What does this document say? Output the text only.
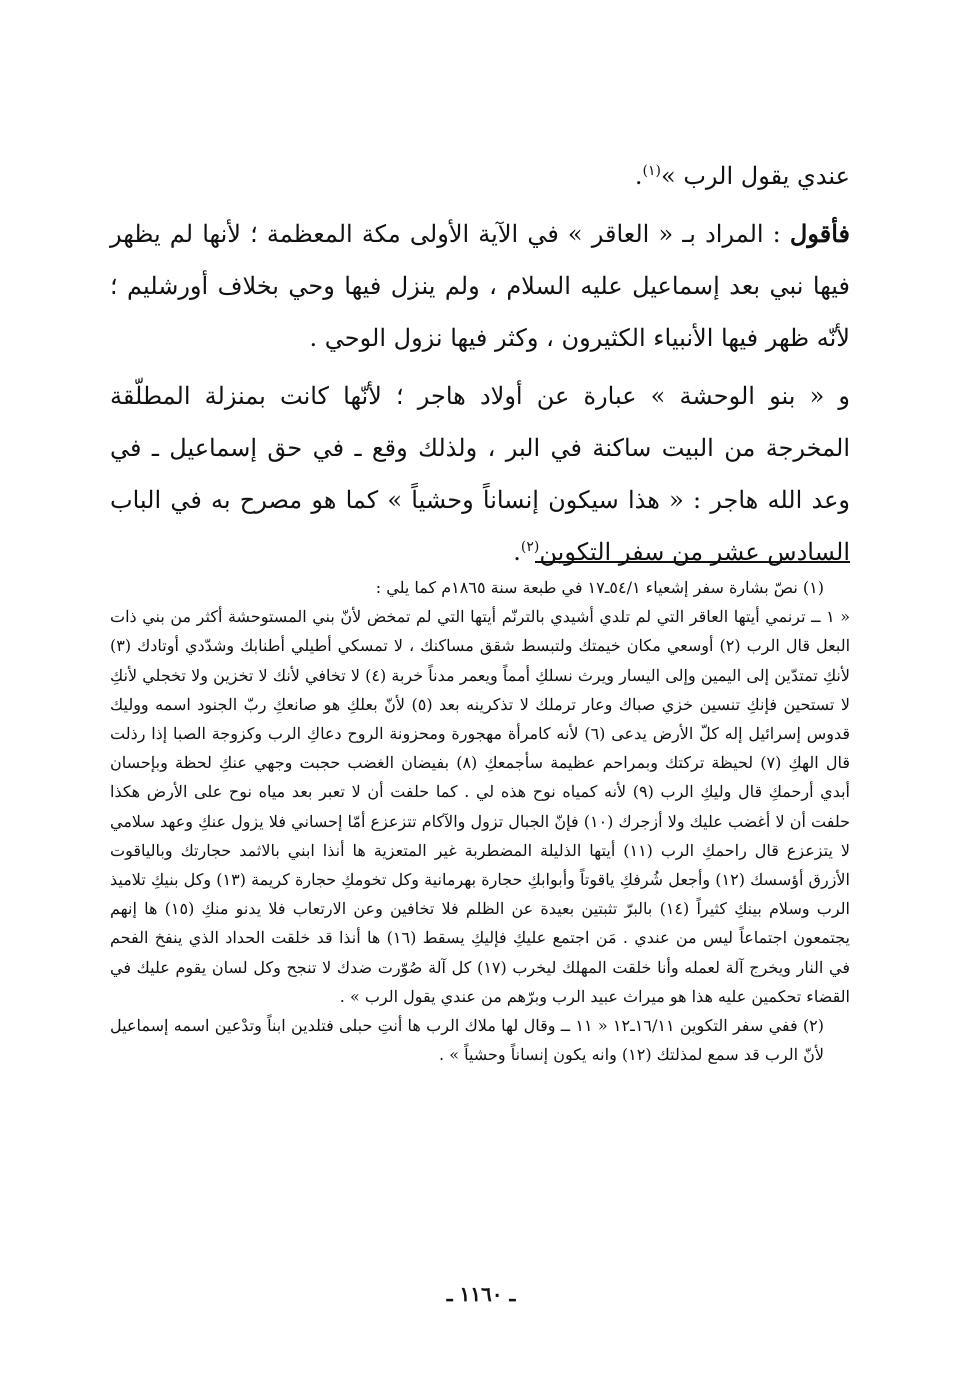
عندي يقول الرب »$^{(١)}$.

فأقول : المراد بـ « العاقر » في الآية الأولى مكة المعظمة ؛ لأنها لم يظهر فيها نبي بعد إسماعيل عليه السلام ، ولم ينزل فيها وحي بخلاف أورشليم ؛ لأنّه ظهر فيها الأنبياء الكثيرون ، وكثر فيها نزول الوحي .

و « بنو الوحشة » عبارة عن أولاد هاجر ؛ لأنّها كانت بمنزلة المطلّقة المخرجة من البيت ساكنة في البر ، ولذلك وقع ـ في حق إسماعيل ـ في وعد الله هاجر : « هذا سيكون إنساناً وحشياً » كما هو مصرح به في الباب السادس عشر من سفر التكوين$^{(٢)}$.

(١) نصّ بشارة سفر إشعياء ٥٤/١ـ١٧ في طبعة سنة ١٨٦٥م كما يلي :

« ١ ــ ترنمي أيتها العاقر التي لم تلدي أشيدي بالترنّم أيتها التي لم تمخض لأنّ بني المستوحشة أكثر من بني ذات البعل قال الرب (٢) أوسعي مكان خيمتك ولتبسط شقق مساكنك ، لا تمسكي أطيلي أطنابك وشدّدي أوتادك (٣) لأنكِ تمتدّين إلى اليمين وإلى اليسار ويرث نسلكِ أمماً ويعمر مدناً خربة (٤) لا تخافي لأنك لا تخزين ولا تخجلي لأنكِ لا تستحين فإنكِ تنسين خزي صباك وعار ترملك لا تذكرينه بعد (٥) لأنّ بعلكِ هو صانعكِ ربّ الجنود اسمه ووليك قدوس إسرائيل إله كلّ الأرض يدعى (٦) لأنه كامرأة مهجورة ومحزونة الروح دعاكِ الرب وكزوجة الصبا إذا رذلت قال الهكِ (٧) لحيظة تركتك وبمراحم عظيمة سأجمعكِ (٨) بفيضان الغضب حجبت وجهي عنكِ لحظة وبإحسان أبدي أرحمكِ قال وليكِ الرب (٩) لأنه كمياه نوح هذه لي . كما حلفت أن لا تعبر بعد مياه نوح على الأرض هكذا حلفت أن لا أغضب عليك ولا أزجرك (١٠) فإنّ الجبال تزول والآكام تتزعزع أمّا إحساني فلا يزول عنكِ وعهد سلامي لا يتزعزع قال راحمكِ الرب (١١) أيتها الذليلة المضطربة غير المتعزية ها أنذا ابني بالاثمد حجارتك وبالياقوت الأزرق أؤسسك (١٢) وأجعل شُرفكِ ياقوتاً وأبوابكِ حجارة بهرمانية وكل تخومكِ حجارة كريمة (١٣) وكل بنيكِ تلاميذ الرب وسلام بينكِ كثيراً (١٤) بالبرّ تثبتين بعيدة عن الظلم فلا تخافين وعن الارتعاب فلا يدنو منكِ (١٥) ها إنهم يجتمعون اجتماعاً ليس من عندي . مَن اجتمع عليكِ فإليكِ يسقط (١٦) ها أنذا قد خلقت الحداد الذي ينفخ الفحم في النار ويخرج آلة لعمله وأنا خلقت المهلك ليخرب (١٧) كل آلة صُوّرت ضدك لا تنجح وكل لسان يقوم عليك في القضاء تحكمين عليه هذا هو ميراث عبيد الرب وبرّهم من عندي يقول الرب » .

(٢) ففي سفر التكوين ١٦/١١ـ١٢ « ١١ ــ وقال لها ملاك الرب ها أنتِ حبلى فتلدين ابناً وتدْعين اسمه إسماعيل لأنّ الرب قد سمع لمذلتك (١٢) وانه يكون إنساناً وحشياً » .

ـ ١١٦٠ ـ
